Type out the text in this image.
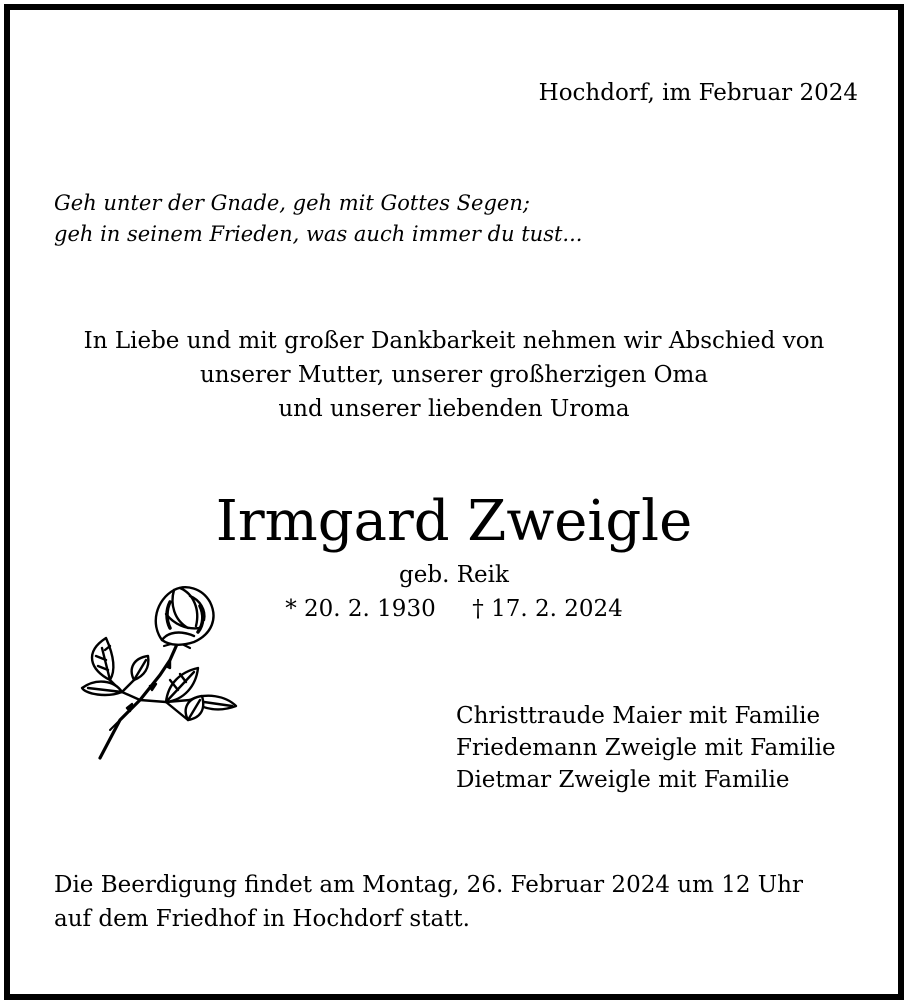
Hochdorf, im Februar 2024
Geh unter der Gnade, geh mit Gottes Segen;
geh in seinem Frieden, was auch immer du tust...
In Liebe und mit großer Dankbarkeit nehmen wir Abschied von
unserer Mutter, unserer großherzigen Oma
und unserer liebenden Uroma
Irmgard Zweigle
geb. Reik
* 20. 2. 1930 † 17. 2. 2024
Christtraude Maier mit Familie
Friedemann Zweigle mit Familie
Dietmar Zweigle mit Familie
Die Beerdigung findet am Montag, 26. Februar 2024 um 12 Uhr
auf dem Friedhof in Hochdorf statt.
